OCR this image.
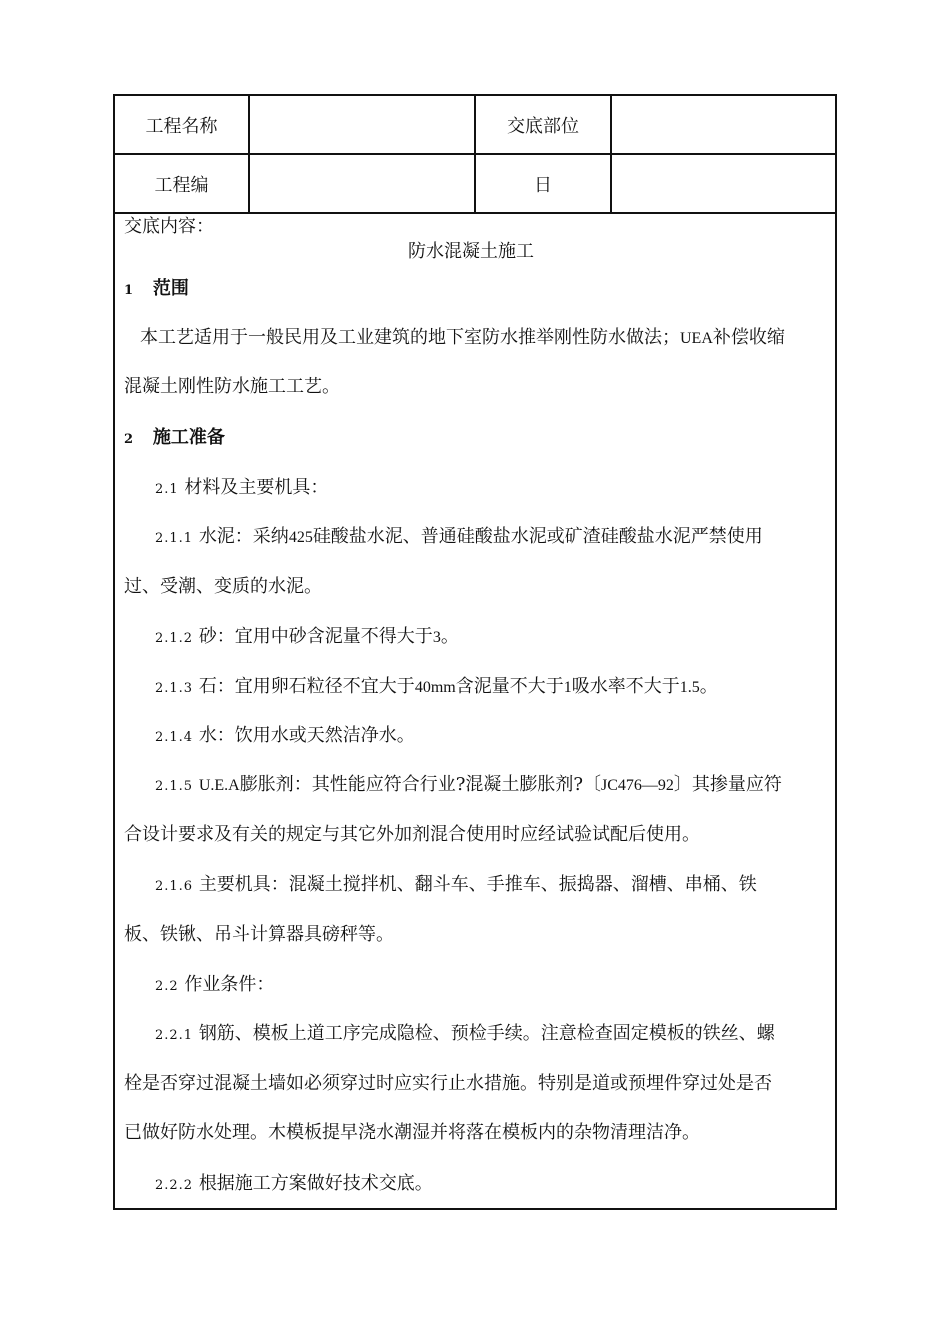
工程名称	交底部位
工程编	日
交底内容：
防水混凝土施工
1 范围
本工艺适用于一般民用及工业建筑的地下室防水推举刚性防水做法；UEA补偿收缩
混凝土刚性防水施工工艺。
2 施工准备
2.1 材料及主要机具：
2.1.1 水泥：采纳425硅酸盐水泥、普通硅酸盐水泥或矿渣硅酸盐水泥严禁使用
过、受潮、变质的水泥。
2.1.2 砂：宜用中砂含泥量不得大于3。
2.1.3 石：宜用卵石粒径不宜大于40mm含泥量不大于1吸水率不大于1.5。
2.1.4 水：饮用水或天然洁净水。
2.1.5 U.E.A膨胀剂：其性能应符合行业?混凝土膨胀剂?〔JC476—92〕其掺量应符
合设计要求及有关的规定与其它外加剂混合使用时应经试验试配后使用。
2.1.6 主要机具：混凝土搅拌机、翻斗车、手推车、振捣器、溜槽、串桶、铁
板、铁锹、吊斗计算器具磅秤等。
2.2 作业条件：
2.2.1 钢筋、模板上道工序完成隐检、预检手续。注意检查固定模板的铁丝、螺
栓是否穿过混凝土墙如必须穿过时应实行止水措施。特别是道或预埋件穿过处是否
已做好防水处理。木模板提早浇水潮湿并将落在模板内的杂物清理洁净。
2.2.2 根据施工方案做好技术交底。
